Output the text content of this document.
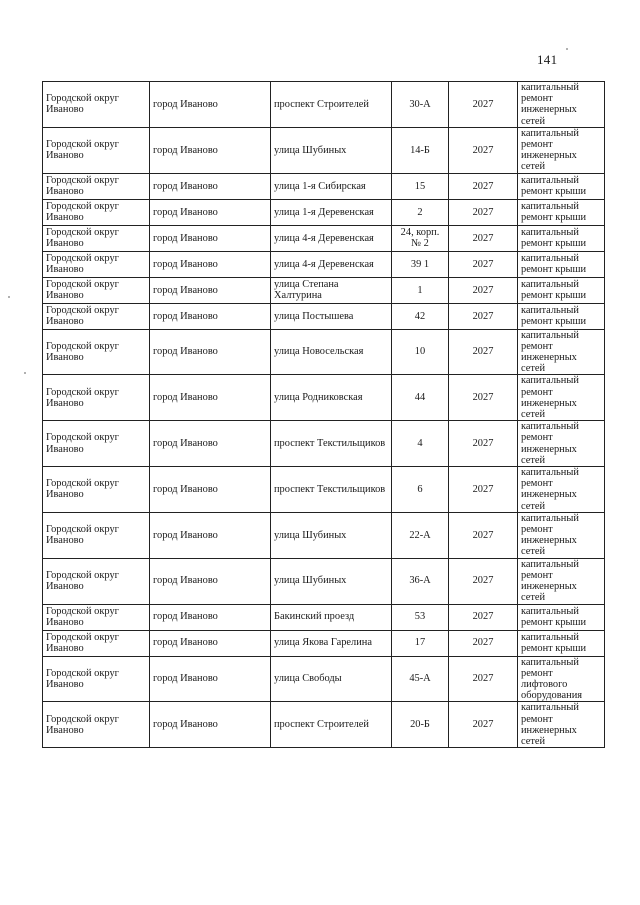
141
Городской округ Иваново	город Иваново	проспект Строителей	30-А	2027	капитальный ремонт инженерных сетей
Городской округ Иваново	город Иваново	улица Шубиных	14-Б	2027	капитальный ремонт инженерных сетей
Городской округ Иваново	город Иваново	улица 1-я Сибирская	15	2027	капитальный ремонт крыши
Городской округ Иваново	город Иваново	улица 1-я Деревенская	2	2027	капитальный ремонт крыши
Городской округ Иваново	город Иваново	улица 4-я Деревенская	24, корп. № 2	2027	капитальный ремонт крыши
Городской округ Иваново	город Иваново	улица 4-я Деревенская	39 1	2027	капитальный ремонт крыши
Городской округ Иваново	город Иваново	улица Степана Халтурина	1	2027	капитальный ремонт крыши
Городской округ Иваново	город Иваново	улица Постышева	42	2027	капитальный ремонт крыши
Городской округ Иваново	город Иваново	улица Новосельская	10	2027	капитальный ремонт инженерных сетей
Городской округ Иваново	город Иваново	улица Родниковская	44	2027	капитальный ремонт инженерных сетей
Городской округ Иваново	город Иваново	проспект Текстильщиков	4	2027	капитальный ремонт инженерных сетей
Городской округ Иваново	город Иваново	проспект Текстильщиков	6	2027	капитальный ремонт инженерных сетей
Городской округ Иваново	город Иваново	улица Шубиных	22-А	2027	капитальный ремонт инженерных сетей
Городской округ Иваново	город Иваново	улица Шубиных	36-А	2027	капитальный ремонт инженерных сетей
Городской округ Иваново	город Иваново	Бакинский проезд	53	2027	капитальный ремонт крыши
Городской округ Иваново	город Иваново	улица Якова Гарелина	17	2027	капитальный ремонт крыши
Городской округ Иваново	город Иваново	улица Свободы	45-А	2027	капитальный ремонт лифтового оборудования
Городской округ Иваново	город Иваново	проспект Строителей	20-Б	2027	капитальный ремонт инженерных сетей
